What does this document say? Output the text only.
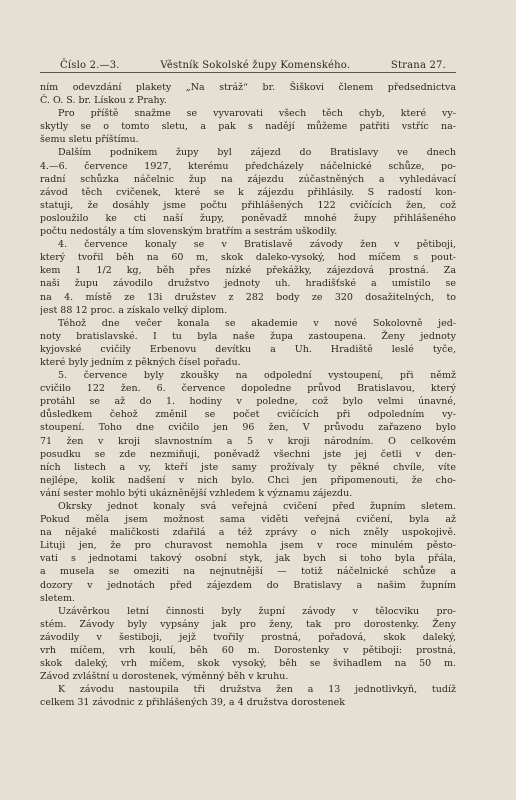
Číslo 2.—3.	Věstník Sokolské župy Komenského.	Strana 27.

ním odevzdání plakety „Na stráž“ br. Šiškovi členem předsednictva
Č. O. S. br. Lískou z Prahy.

Pro příště snažme se vyvarovati všech těch chyb, které vy-
skytly se o tomto sletu, a pak s nadějí můžeme patřiti vstříc na-
šemu sletu příštímu.

Dalším podnikem župy byl zájezd do Bratislavy ve dnech
4.—6. července 1927, kterému předcházely náčelnické schůze, po-
radní schůzka náčelnic žup na zájezdu zúčastněných a vyhledávací
závod těch cvičenek, které se k zájezdu přihlásily. S radostí kon-
statuji, že dosáhly jsme počtu přihlášených 122 cvičících žen, což
posloužilo ke cti naší župy, poněvadž mnohé župy přihlášeného
počtu nedostály a tím slovenským bratřím a sestrám uškodily.

4. července konaly se v Bratislavě závody žen v pětiboji,
který tvořil běh na 60 m, skok daleko-vysoký, hod míčem s pout-
kem 1 1/2 kg, běh přes nízké překážky, zájezdová prostná. Za
naši župu závodilo družstvo jednoty uh. hradišťské a umístilo se
na 4. místě ze 13i družstev z 282 body ze 320 dosažitelných, to
jest 88 12 proc. a získalo velký diplom.

Téhož dne večer konala se akademie v nové Sokolovně jed-
noty bratislavské. I tu byla naše župa zastoupena. Ženy jednoty
kyjovské cvičily Erbenovu devítku a Uh. Hradiště leslé tyče,
které byly jedním z pěkných čísel pořadu.

5. července byly zkoušky na odpolední vystoupení, při němž
cvičilo 122 žen. 6. července dopoledne průvod Bratislavou, který
protáhl se až do 1. hodiny v poledne, což bylo velmi únavné,
důsledkem čehož změnil se počet cvičících při odpoledním vy-
stoupení. Toho dne cvičilo jen 96 žen, V průvodu zařazeno bylo
71 žen v kroji slavnostním a 5 v kroji národním. O celkovém
posudku se zde nezmiňuji, poněvadž všechni jste jej četli v den-
ních listech a vy, kteří jste samy prožívaly ty pěkné chvíle, víte
nejlépe, kolik nadšení v nich bylo. Chci jen připomenouti, že cho-
vání sester mohlo býti ukázněnější vzhledem k významu zájezdu.

Okrsky jednot konaly svá veřejná cvičení před župním sletem.
Pokud měla jsem možnost sama viděti veřejná cvičení, byla až
na nějaké maličkosti zdařilá a též zprávy o nich zněly uspokojivě.
Lituji jen, že pro churavost nemohla jsem v roce minulém pěsto-
vati s jednotami takový osobní styk, jak bych si toho byla přála,
a musela se omeziti na nejnutnější — totiž náčelnické schůze a
dozory v jednotách před zájezdem do Bratislavy a našim župním
sletem.

Uzávěrkou letní činnosti byly župní závody v tělocviku pro-
stém. Závody byly vypsány jak pro ženy, tak pro dorostenky. Ženy
závodily v šestiboji, jejž tvořily prostná, pořadová, skok daleký,
vrh míčem, vrh koulí, běh 60 m. Dorostenky v pětiboji: prostná,
skok daleký, vrh míčem, skok vysoký, běh se švihadlem na 50 m.
Závod zvláštní u dorostenek, výměnný běh v kruhu.

K závodu nastoupila tři družstva žen a 13 jednotlivkyň, tudíž
celkem 31 závodnic z přihlášených 39, a 4 družstva dorostenek
